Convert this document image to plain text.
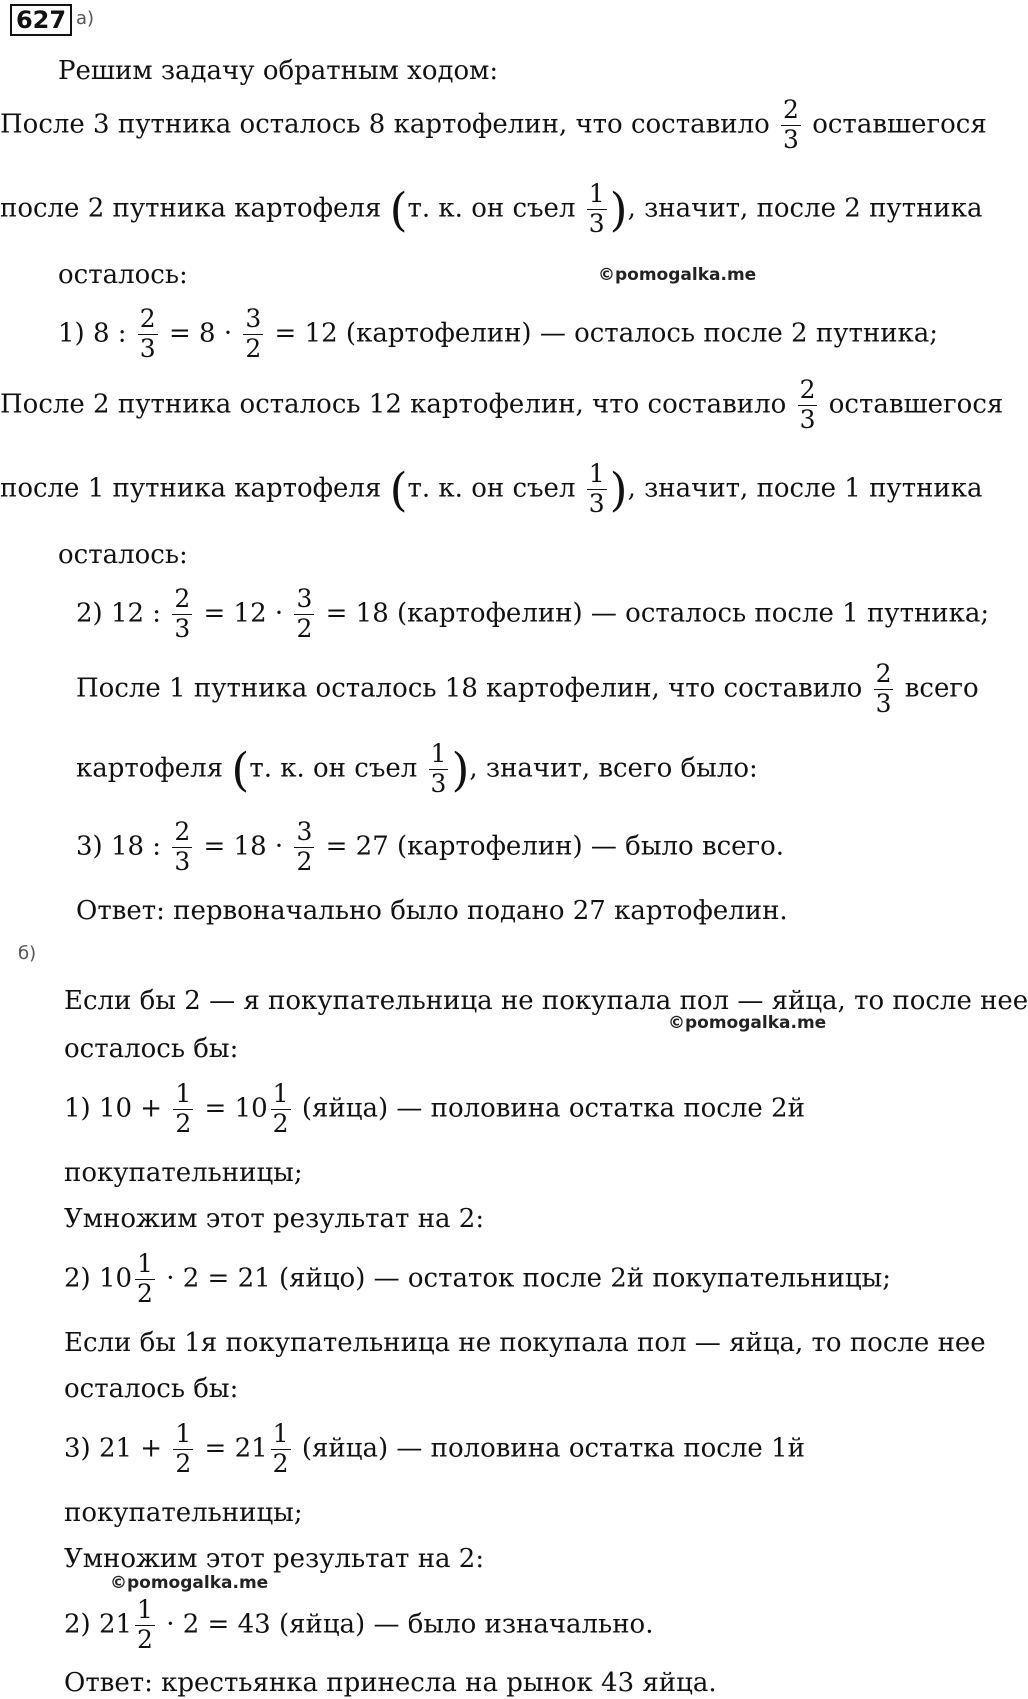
627 а)
Решим задачу обратным ходом:
После 3 путника осталось 8 картофелин, что составило $\frac{2}{3}$ оставшегося
после 2 путника картофеля (т. к. он съел $\frac{1}{3}$ ), значит, после 2 путника
осталось:	©pomogalka.me
1) 8 : $\frac{2}{3} = 8 \cdot \frac{3}{2} = 12$ (картофелин) — осталось после 2 путника;
После 2 путника осталось 12 картофелин, что составило $\frac{2}{3}$ оставшегося
после 1 путника картофеля (т. к. он съел $\frac{1}{3}$ ), значит, после 1 путника
осталось:
2) 12 : $\frac{2}{3} = 12 \cdot \frac{3}{2} = 18$ (картофелин) — осталось после 1 путника;
После 1 путника осталось 18 картофелин, что составило $\frac{2}{3}$ всего
картофеля (т. к. он съел $\frac{1}{3}$ ), значит, всего было:
3) 18 : $\frac{2}{3} = 18 \cdot \frac{3}{2} = 27$ (картофелин) — было всего.
Ответ: первоначально было подано 27 картофелин.
б)
Если бы 2 — я покупательница не покупала пол — яйца, то после нее
©pomogalka.me
осталось бы:
1) $10 + \frac{1}{2} = 10 \frac{1}{2}$ (яйца) — половина остатка после 2й
покупательницы;
Умножим этот результат на 2:
2) $10 \frac{1}{2} \cdot 2 = 21$ (яйцо) — остаток после 2й покупательницы;
Если бы 1я покупательница не покупала пол — яйца, то после нее
осталось бы:
3) $21 + \frac{1}{2} = 21 \frac{1}{2}$ (яйца) — половина остатка после 1й
покупательницы;
Умножим этот результат на 2:
©pomogalka.me
2) $21 \frac{1}{2} \cdot 2 = 43$ (яйца) — было изначально.
Ответ: крестьянка принесла на рынок 43 яйца.
